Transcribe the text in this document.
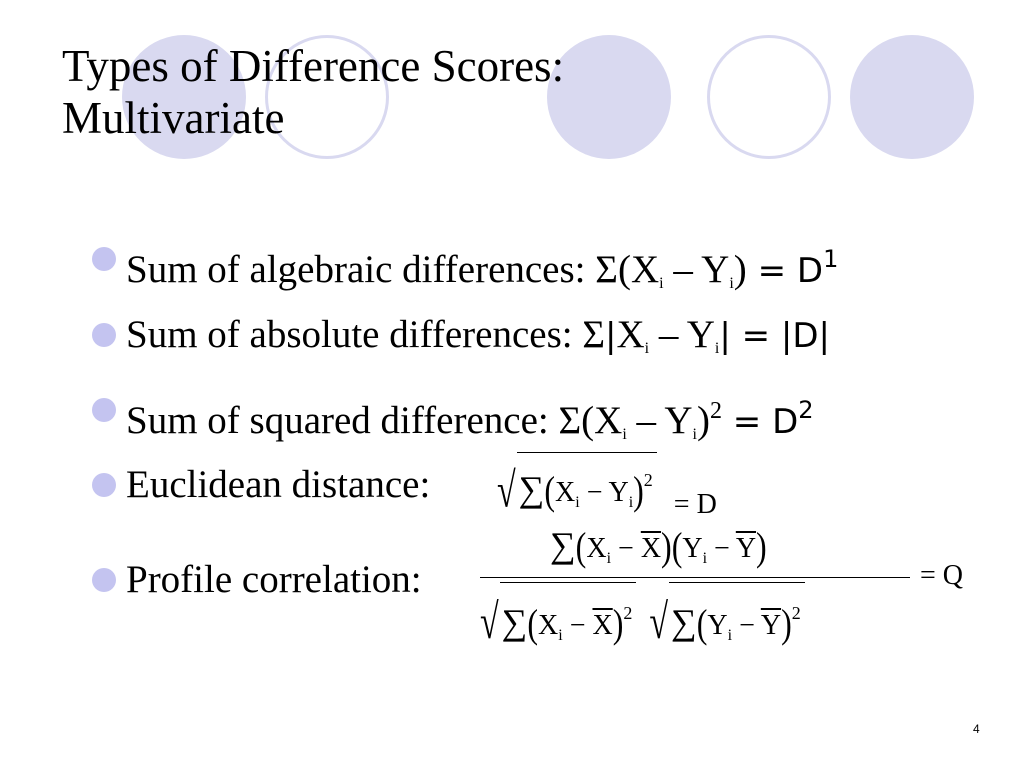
Types of Difference Scores:
Multivariate
Sum of algebraic differences: $\Sigma(X_i - Y_i) = D^1$
Sum of absolute differences: $\Sigma|X_i - Y_i| = |D|$
Sum of squared difference: $\Sigma(X_i - Y_i)^2 = D^2$
Euclidean distance: √ $\sum(X_i - Y_i)^2$
= D
Profile correlation:
$\sum(X_i - \overline{X})(Y_i - \overline{Y})$
√ $\sum(X_i - \overline{X})^2$
√ $\sum(Y_i - \overline{Y})^2$
= Q
4
